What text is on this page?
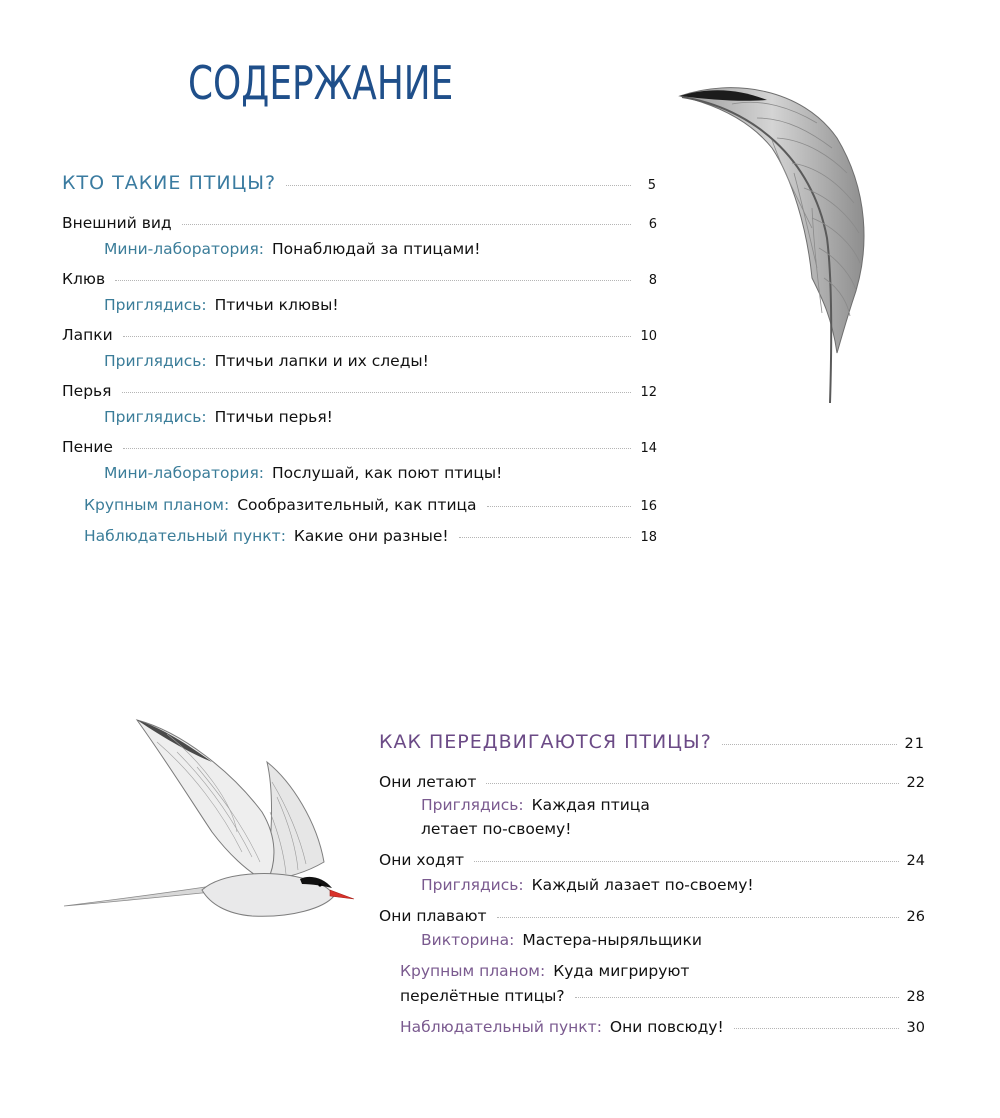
СОДЕРЖАНИЕ
КТО ТАКИЕ ПТИЦЫ?	5
Внешний вид	6
Мини-лаборатория: Понаблюдай за птицами!
Клюв	8
Приглядись: Птичьи клювы!
Лапки	10
Приглядись: Птичьи лапки и их следы!
Перья	12
Приглядись: Птичьи перья!
Пение	14
Мини-лаборатория: Послушай, как поют птицы!
Крупным планом: Сообразительный, как птица	16
Наблюдательный пункт: Какие они разные!	18
КАК ПЕРЕДВИГАЮТСЯ ПТИЦЫ?	21
Они летают	22
Приглядись: Каждая птица
летает по-своему!
Они ходят	24
Приглядись: Каждый лазает по-своему!
Они плавают	26
Викторина: Мастера-ныряльщики
Крупным планом: Куда мигрируют
перелётные птицы?	28
Наблюдательный пункт: Они повсюду!	30
